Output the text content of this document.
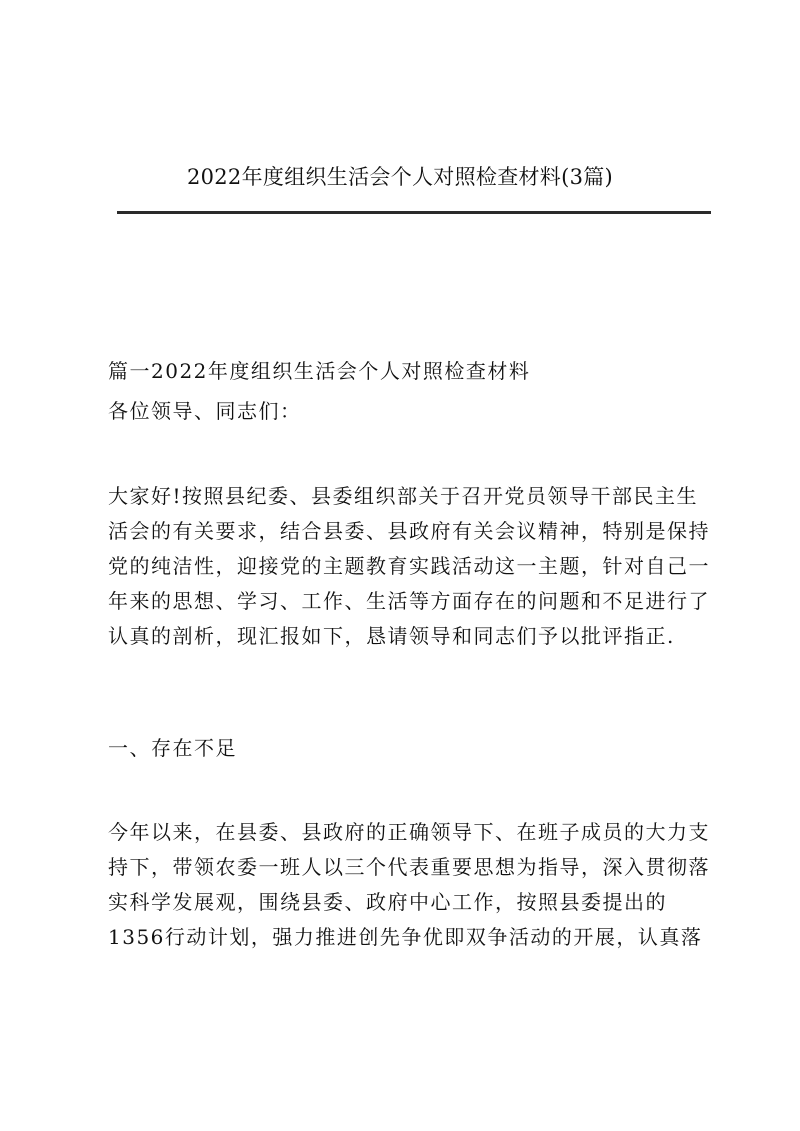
2022年度组织生活会个人对照检查材料(3篇)
篇一2022年度组织生活会个人对照检查材料
各位领导、同志们：
大家好!按照县纪委、县委组织部关于召开党员领导干部民主生
活会的有关要求，结合县委、县政府有关会议精神，特别是保持
党的纯洁性，迎接党的主题教育实践活动这一主题，针对自己一
年来的思想、学习、工作、生活等方面存在的问题和不足进行了
认真的剖析，现汇报如下，恳请领导和同志们予以批评指正.
一、存在不足
今年以来，在县委、县政府的正确领导下、在班子成员的大力支
持下，带领农委一班人以三个代表重要思想为指导，深入贯彻落
实科学发展观，围绕县委、政府中心工作，按照县委提出的
1356行动计划，强力推进创先争优即双争活动的开展，认真落
